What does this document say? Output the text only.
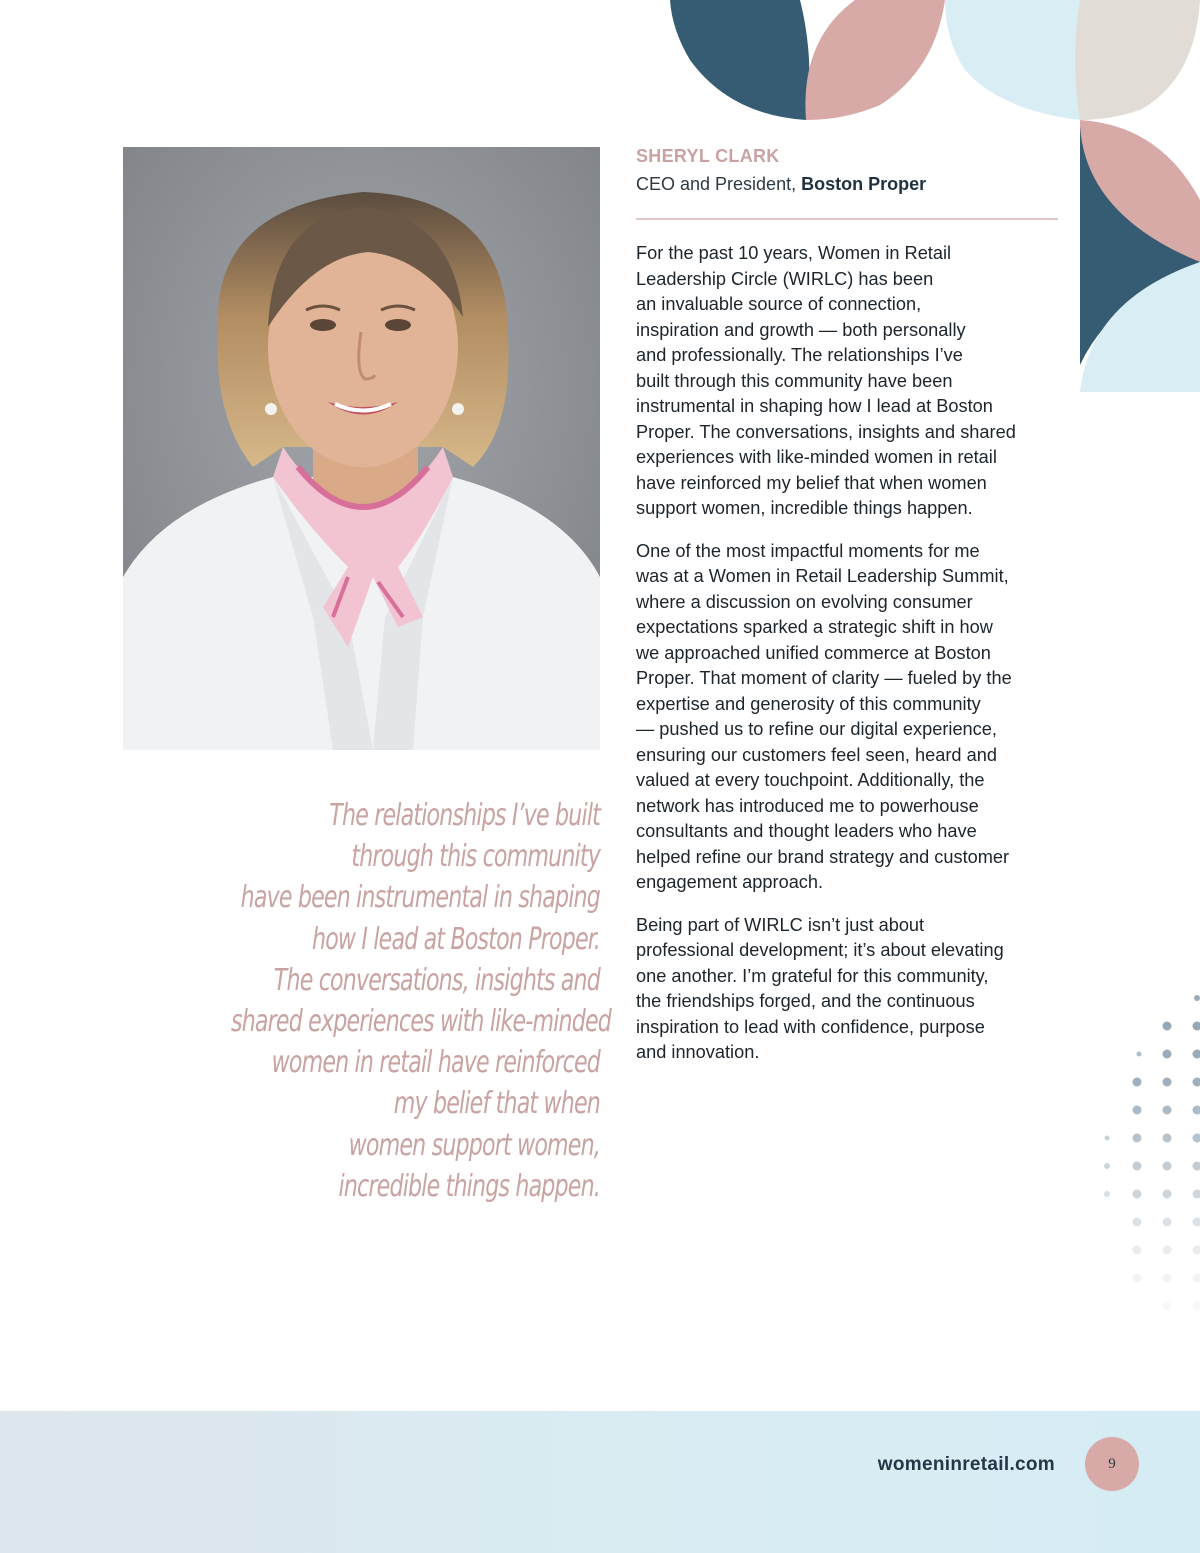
The relationships I’ve built
through this community
have been instrumental in shaping
how I lead at Boston Proper.
The conversations, insights and
shared experiences with like-minded
women in retail have reinforced
my belief that when
women support women,
incredible things happen.
SHERYL CLARK
CEO and President, Boston Proper

For the past 10 years, Women in Retail
Leadership Circle (WIRLC) has been
an invaluable source of connection,
inspiration and growth — both personally
and professionally. The relationships I’ve
built through this community have been
instrumental in shaping how I lead at Boston
Proper. The conversations, insights and shared
experiences with like-minded women in retail
have reinforced my belief that when women
support women, incredible things happen.

One of the most impactful moments for me
was at a Women in Retail Leadership Summit,
where a discussion on evolving consumer
expectations sparked a strategic shift in how
we approached unified commerce at Boston
Proper. That moment of clarity — fueled by the
expertise and generosity of this community
— pushed us to refine our digital experience,
ensuring our customers feel seen, heard and
valued at every touchpoint. Additionally, the
network has introduced me to powerhouse
consultants and thought leaders who have
helped refine our brand strategy and customer
engagement approach.

Being part of WIRLC isn’t just about
professional development; it’s about elevating
one another. I’m grateful for this community,
the friendships forged, and the continuous
inspiration to lead with confidence, purpose
and innovation.

womeninretail.com	9
